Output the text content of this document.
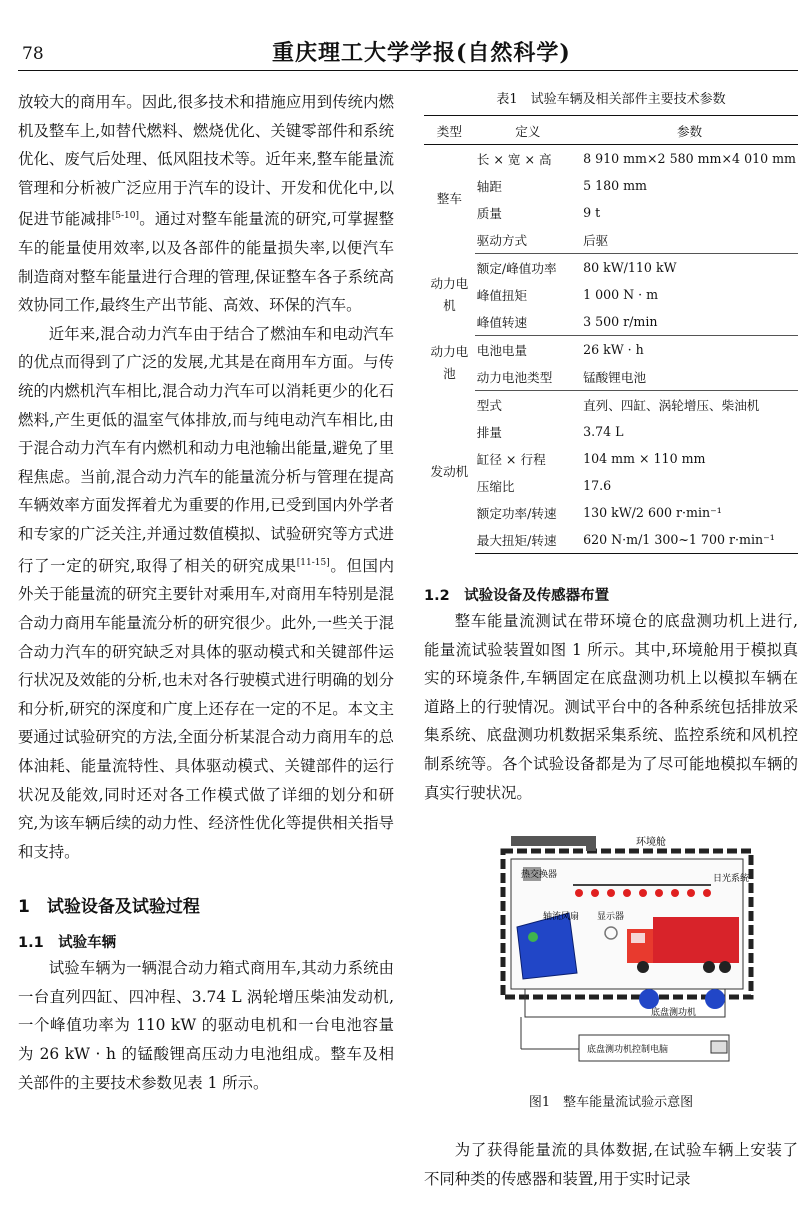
78	重庆理工大学学报(自然科学)

放较大的商用车。因此,很多技术和措施应用到传统内燃机及整车上,如替代燃料、燃烧优化、关键零部件和系统优化、废气后处理、低风阻技术等。近年来,整车能量流管理和分析被广泛应用于汽车的设计、开发和优化中,以促进节能减排[5-10]。通过对整车能量流的研究,可掌握整车的能量使用效率,以及各部件的能量损失率,以便汽车制造商对整车能量进行合理的管理,保证整车各子系统高效协同工作,最终生产出节能、高效、环保的汽车。

近年来,混合动力汽车由于结合了燃油车和电动汽车的优点而得到了广泛的发展,尤其是在商用车方面。与传统的内燃机汽车相比,混合动力汽车可以消耗更少的化石燃料,产生更低的温室气体排放,而与纯电动汽车相比,由于混合动力汽车有内燃机和动力电池输出能量,避免了里程焦虑。当前,混合动力汽车的能量流分析与管理在提高车辆效率方面发挥着尤为重要的作用,已受到国内外学者和专家的广泛关注,并通过数值模拟、试验研究等方式进行了一定的研究,取得了相关的研究成果[11-15]。但国内外关于能量流的研究主要针对乘用车,对商用车特别是混合动力商用车能量流分析的研究很少。此外,一些关于混合动力汽车的研究缺乏对具体的驱动模式和关键部件运行状况及效能的分析,也未对各行驶模式进行明确的划分和分析,研究的深度和广度上还存在一定的不足。本文主要通过试验研究的方法,全面分析某混合动力商用车的总体油耗、能量流特性、具体驱动模式、关键部件的运行状况及能效,同时还对各工作模式做了详细的划分和研究,为该车辆后续的动力性、经济性优化等提供相关指导和支持。

1　试验设备及试验过程
1.1　试验车辆

试验车辆为一辆混合动力箱式商用车,其动力系统由一台直列四缸、四冲程、3.74 L 涡轮增压柴油发动机,一个峰值功率为 110 kW 的驱动电机和一台电池容量为 26 kW · h 的锰酸锂高压动力电池组成。整车及相关部件的主要技术参数见表 1 所示。

表1　试验车辆及相关部件主要技术参数
类型	定义	参数
整车	长 × 宽 × 高	8 910 mm×2 580 mm×4 010 mm
	轴距	5 180 mm
	质量	9 t
	驱动方式	后驱
动力电机	额定/峰值功率	80 kW/110 kW
	峰值扭矩	1 000 N · m
	峰值转速	3 500 r/min
动力电池	电池电量	26 kW · h
	动力电池类型	锰酸锂电池
发动机	型式	直列、四缸、涡轮增压、柴油机
	排量	3.74 L
	缸径 × 行程	104 mm × 110 mm
	压缩比	17.6
	额定功率/转速	130 kW/2 600 r·min⁻¹
	最大扭矩/转速	620 N·m/1 300~1 700 r·min⁻¹
1.2　试验设备及传感器布置

整车能量流测试在带环境仓的底盘测功机上进行,能量流试验装置如图 1 所示。其中,环境舱用于模拟真实的环境条件,车辆固定在底盘测功机上以模拟车辆在道路上的行驶情况。测试平台中的各种系统包括排放采集系统、底盘测功机数据采集系统、监控系统和风机控制系统等。各个试验设备都是为了尽可能地模拟车辆的真实行驶状况。

环境舱
热交换器	日光系统
轴流风扇 显示器
底盘测功机
底盘测功机控制电脑
图1　整车能量流试验示意图

为了获得能量流的具体数据,在试验车辆上安装了不同种类的传感器和装置,用于实时记录
